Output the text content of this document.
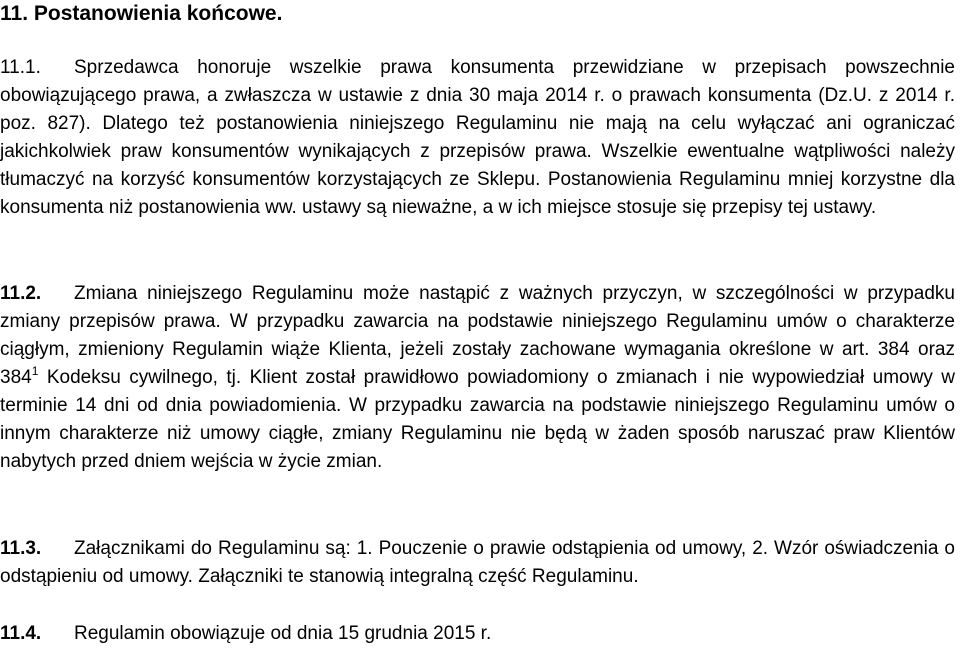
11. Postanowienia końcowe.

11.1. Sprzedawca honoruje wszelkie prawa konsumenta przewidziane w przepisach powszechnie obowiązującego prawa, a zwłaszcza w ustawie z dnia 30 maja 2014 r. o prawach konsumenta (Dz.U. z 2014 r. poz. 827). Dlatego też postanowienia niniejszego Regulaminu nie mają na celu wyłączać ani ograniczać jakichkolwiek praw konsumentów wynikających z przepisów prawa. Wszelkie ewentualne wątpliwości należy tłumaczyć na korzyść konsumentów korzystających ze Sklepu. Postanowienia Regulaminu mniej korzystne dla konsumenta niż postanowienia ww. ustawy są nieważne, a w ich miejsce stosuje się przepisy tej ustawy.

11.2. Zmiana niniejszego Regulaminu może nastąpić z ważnych przyczyn, w szczególności w przypadku zmiany przepisów prawa. W przypadku zawarcia na podstawie niniejszego Regulaminu umów o charakterze ciągłym, zmieniony Regulamin wiąże Klienta, jeżeli zostały zachowane wymagania określone w art. 384 oraz $384^1$ Kodeksu cywilnego, tj. Klient został prawidłowo powiadomiony o zmianach i nie wypowiedział umowy w terminie 14 dni od dnia powiadomienia. W przypadku zawarcia na podstawie niniejszego Regulaminu umów o innym charakterze niż umowy ciągłe, zmiany Regulaminu nie będą w żaden sposób naruszać praw Klientów nabytych przed dniem wejścia w życie zmian.

11.3. Załącznikami do Regulaminu są: 1. Pouczenie o prawie odstąpienia od umowy, 2. Wzór oświadczenia o odstąpieniu od umowy. Załączniki te stanowią integralną część Regulaminu.

11.4. Regulamin obowiązuje od dnia 15 grudnia 2015 r.
